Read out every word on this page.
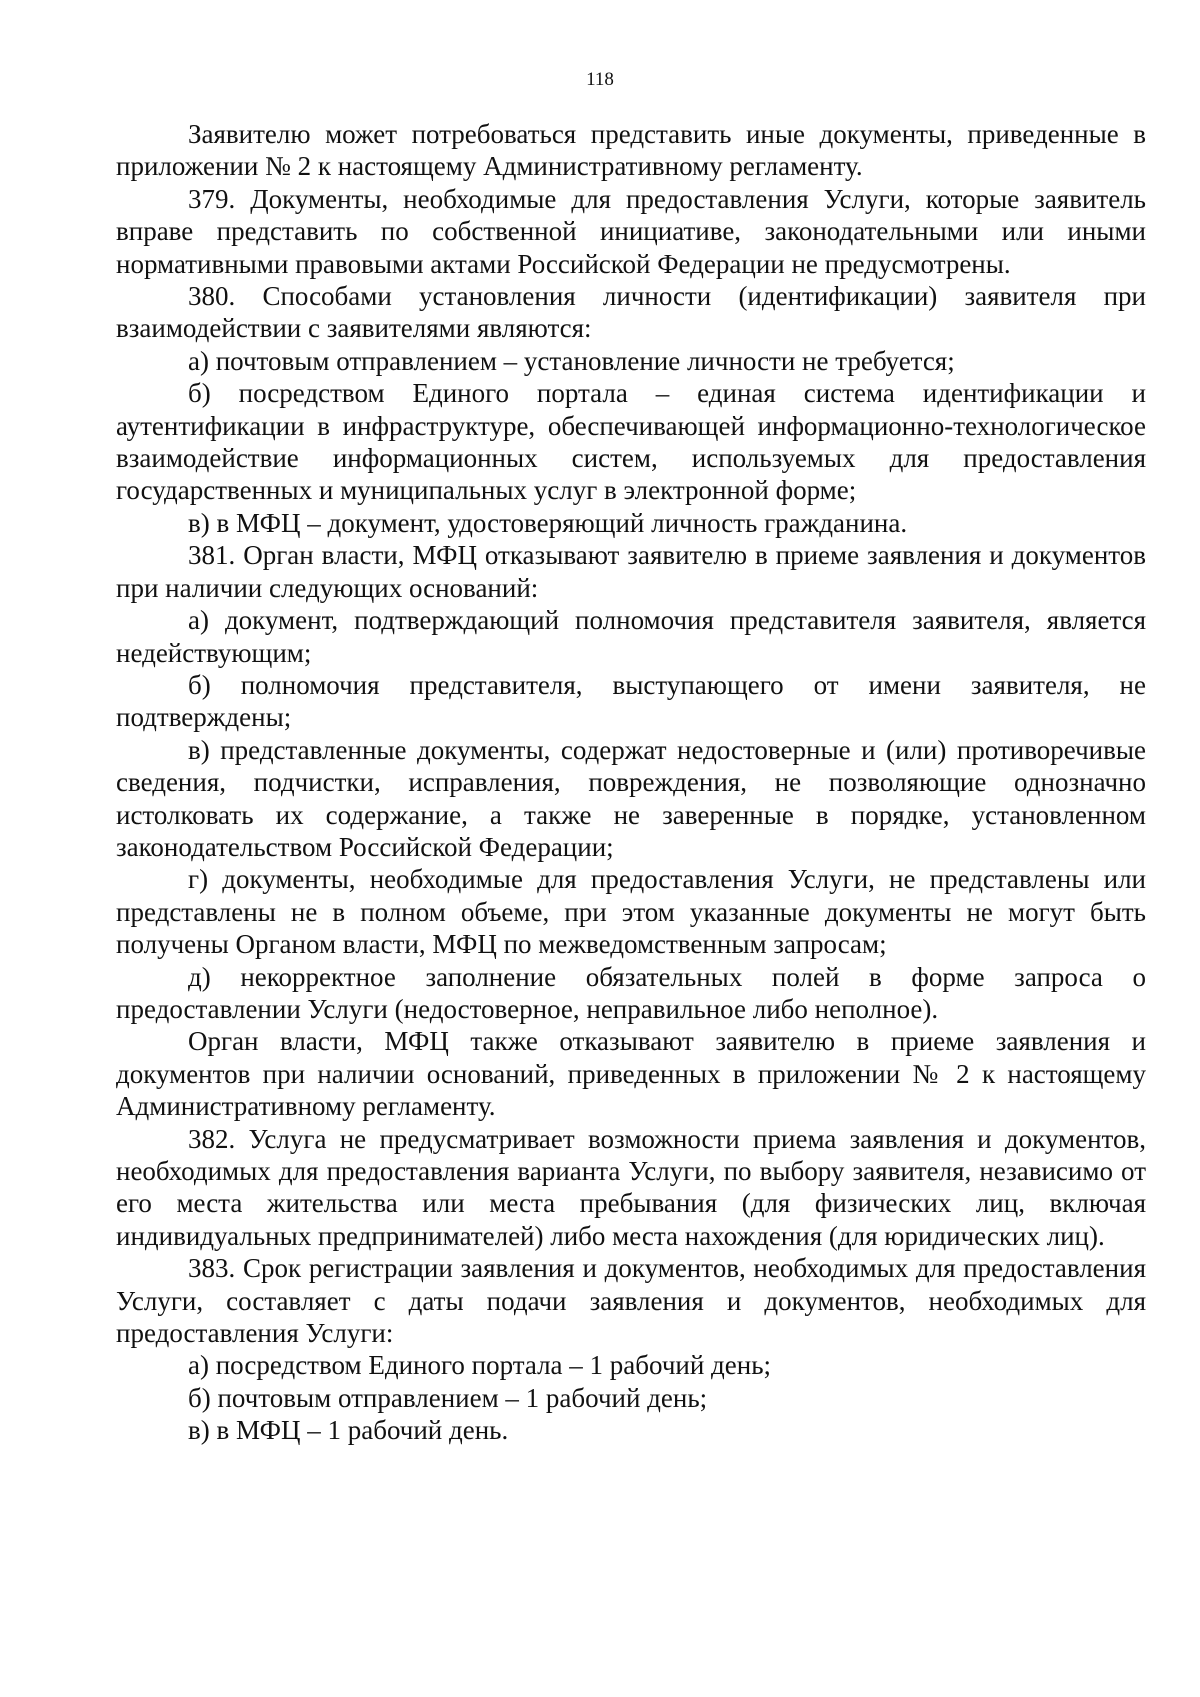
118

Заявителю может потребоваться представить иные документы, приведенные в приложении № 2 к настоящему Административному регламенту.

379. Документы, необходимые для предоставления Услуги, которые заявитель вправе представить по собственной инициативе, законодательными или иными нормативными правовыми актами Российской Федерации не предусмотрены.

380. Способами установления личности (идентификации) заявителя при взаимодействии с заявителями являются:

а) почтовым отправлением – установление личности не требуется;

б) посредством Единого портала – единая система идентификации и аутентификации в инфраструктуре, обеспечивающей информационно-технологическое взаимодействие информационных систем, используемых для предоставления государственных и муниципальных услуг в электронной форме;

в) в МФЦ – документ, удостоверяющий личность гражданина.

381. Орган власти, МФЦ отказывают заявителю в приеме заявления и документов при наличии следующих оснований:

а) документ, подтверждающий полномочия представителя заявителя, является недействующим;

б) полномочия представителя, выступающего от имени заявителя, не подтверждены;

в) представленные документы, содержат недостоверные и (или) противоречивые сведения, подчистки, исправления, повреждения, не позволяющие однозначно истолковать их содержание, а также не заверенные в порядке, установленном законодательством Российской Федерации;

г) документы, необходимые для предоставления Услуги, не представлены или представлены не в полном объеме, при этом указанные документы не могут быть получены Органом власти, МФЦ по межведомственным запросам;

д) некорректное заполнение обязательных полей в форме запроса о предоставлении Услуги (недостоверное, неправильное либо неполное).

Орган власти, МФЦ также отказывают заявителю в приеме заявления и документов при наличии оснований, приведенных в приложении № 2 к настоящему Административному регламенту.

382. Услуга не предусматривает возможности приема заявления и документов, необходимых для предоставления варианта Услуги, по выбору заявителя, независимо от его места жительства или места пребывания (для физических лиц, включая индивидуальных предпринимателей) либо места нахождения (для юридических лиц).

383. Срок регистрации заявления и документов, необходимых для предоставления Услуги, составляет с даты подачи заявления и документов, необходимых для предоставления Услуги:

а) посредством Единого портала – 1 рабочий день;

б) почтовым отправлением – 1 рабочий день;

в) в МФЦ – 1 рабочий день.
